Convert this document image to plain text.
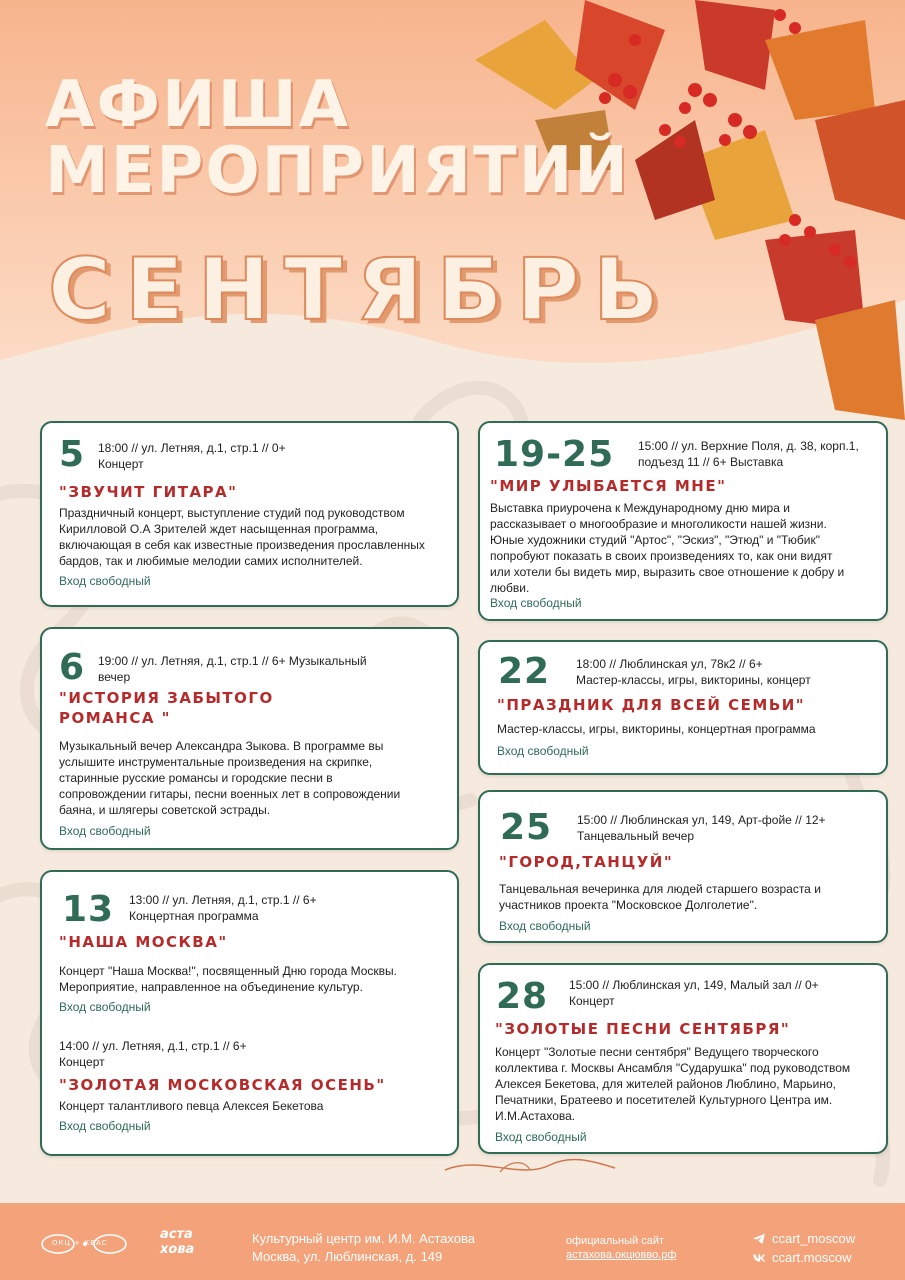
АФИША
МЕРОПРИЯТИЙ
СЕНТЯБРЬ
5 18:00 // ул. Летняя, д.1, стр.1 // 0+
Концерт
"ЗВУЧИТ ГИТАРА"
Праздничный концерт, выступление студий под руководством
Кирилловой О.А Зрителей ждет насыщенная программа,
включающая в себя как известные произведения прославленных
бардов, так и любимые мелодии самих исполнителей.
Вход свободный
6 19:00 // ул. Летняя, д.1, стр.1 // 6+ Музыкальный
вечер
"ИСТОРИЯ ЗАБЫТОГО
РОМАНСА "
Музыкальный вечер Александра Зыкова. В программе вы
услышите инструментальные произведения на скрипке,
старинные русские романсы и городские песни в
сопровождении гитары, песни военных лет в сопровождении
баяна, и шлягеры советской эстрады.
Вход свободный
13 13:00 // ул. Летняя, д.1, стр.1 // 6+
Концертная программа
"НАША МОСКВА"
Концерт "Наша Москва!", посвященный Дню города Москвы.
Мероприятие, направленное на объединение культур.
Вход свободный
14:00 // ул. Летняя, д.1, стр.1 // 6+
Концерт
"ЗОЛОТАЯ МОСКОВСКАЯ ОСЕНЬ"
Концерт талантливого певца Алексея Бекетова
Вход свободный
19-25 15:00 // ул. Верхние Поля, д. 38, корп.1,
подъезд 11 // 6+ Выставка
"МИР УЛЫБАЕТСЯ МНЕ"
Выставка приурочена к Международному дню мира и
рассказывает о многообразие и многоликости нашей жизни.
Юные художники студий "Артос", "Эскиз", "Этюд" и "Тюбик"
попробуют показать в своих произведениях то, как они видят
или хотели бы видеть мир, выразить свое отношение к добру и
любви.
Вход свободный
22 18:00 // Люблинская ул, 78к2 // 6+
Мастер-классы, игры, викторины, концерт
"ПРАЗДНИК ДЛЯ ВСЕЙ СЕМЬИ"
Мастер-классы, игры, викторины, концертная программа
Вход свободный
25 15:00 // Люблинская ул, 149, Арт-фойе // 12+
Танцевальный вечер
"ГОРОД,ТАНЦУЙ"
Танцевальная вечеринка для людей старшего возраста и
участников проекта "Московское Долголетие".
Вход свободный
28 15:00 // Люблинская ул, 149, Малый зал // 0+
Концерт
"ЗОЛОТЫЕ ПЕСНИ СЕНТЯБРЯ"
Концерт "Золотые песни сентября" Ведущего творческого
коллектива г. Москвы Ансамбля "Сударушка" под руководством
Алексея Бекетова, для жителей районов Люблино, Марьино,
Печатники, Братеево и посетителей Культурного Центра им.
И.М.Астахова.
Вход свободный
ОКЦ + КВАС
аста
хова
Культурный центр им. И.М. Астахова
Москва, ул. Люблинская, д. 149
официальный сайт
астахова.окцювво.рф
ccart_moscow
ccart.moscow
